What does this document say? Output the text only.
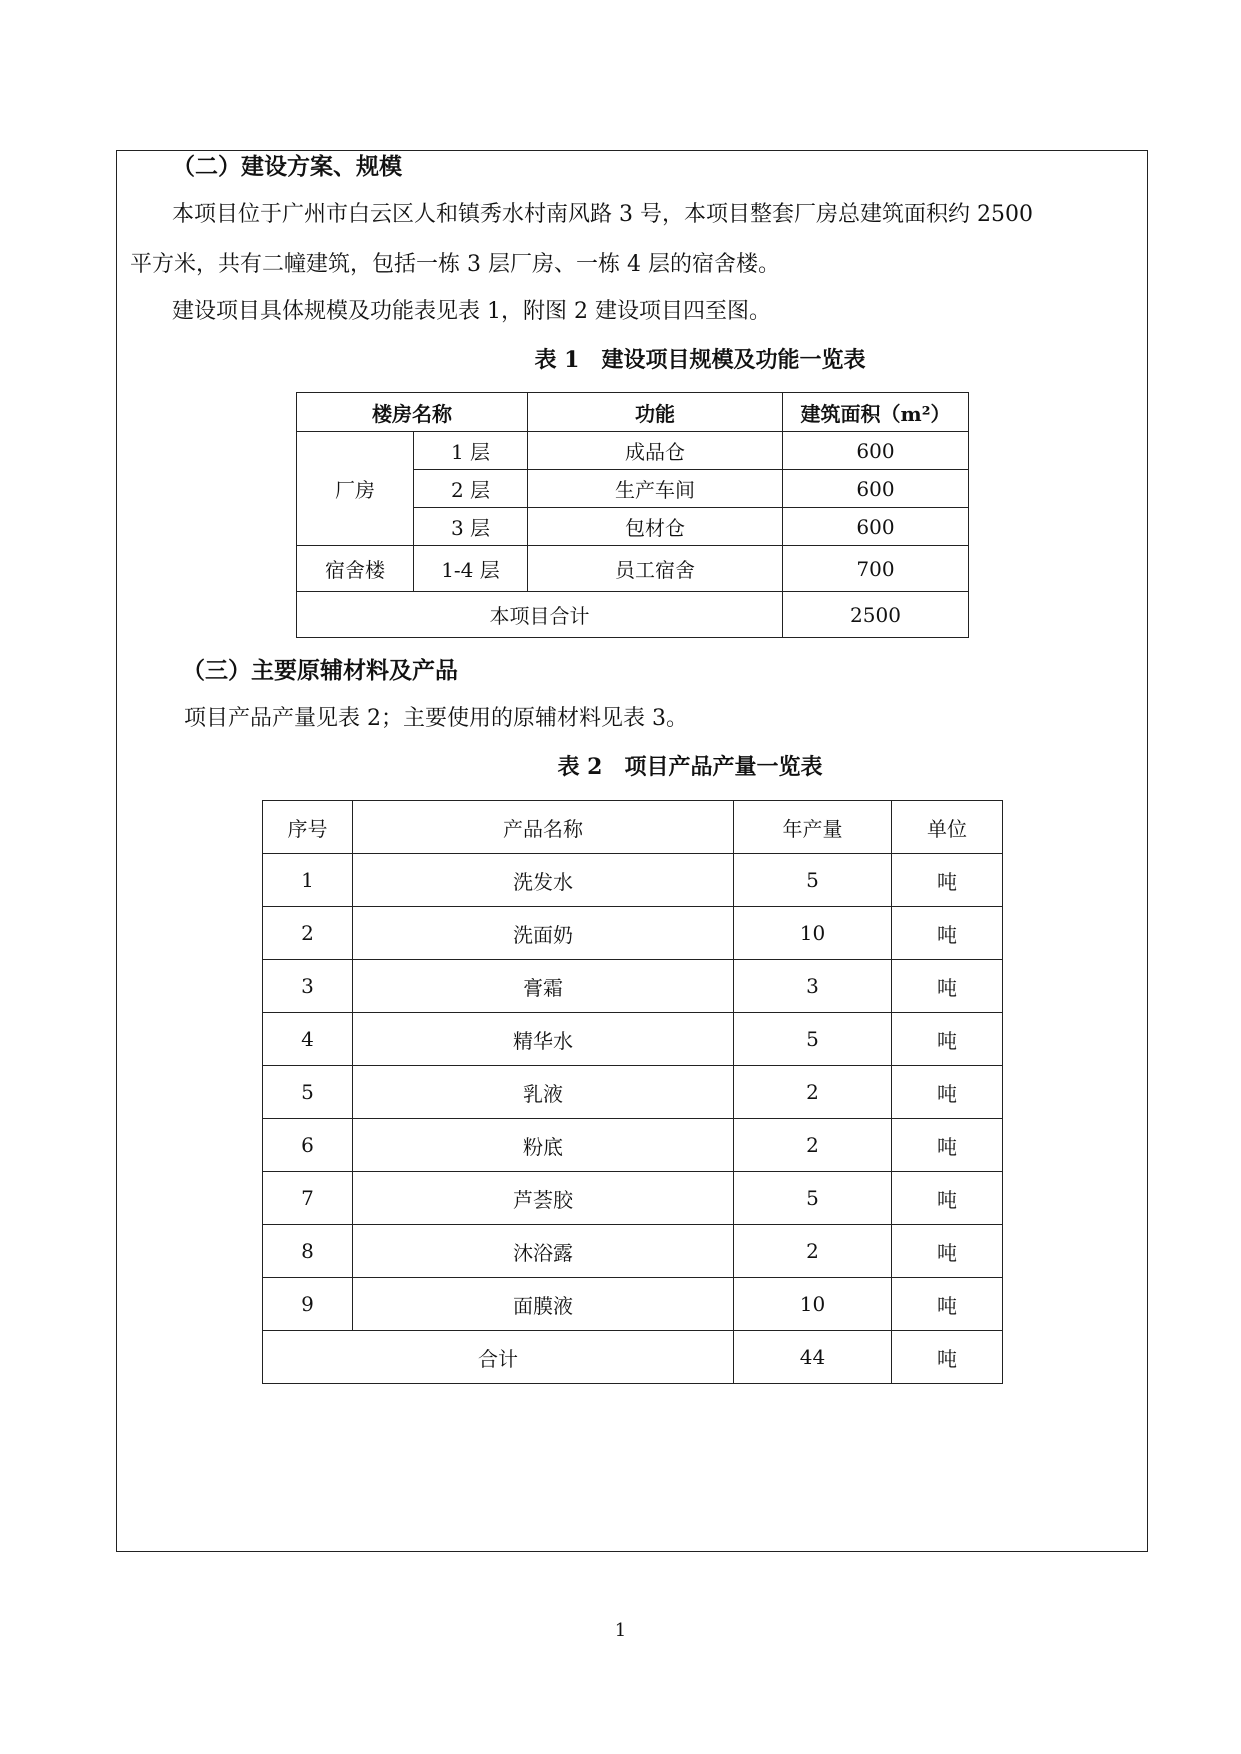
（二）建设方案、规模
本项目位于广州市白云区人和镇秀水村南风路 3 号，本项目整套厂房总建筑面积约 2500
平方米，共有二幢建筑，包括一栋 3 层厂房、一栋 4 层的宿舍楼。
建设项目具体规模及功能表见表 1，附图 2 建设项目四至图。
表 1　建设项目规模及功能一览表
楼房名称		功能	建筑面积（m²）
厂房	1 层	成品仓	600
	2 层	生产车间	600
	3 层	包材仓	600
宿舍楼	1-4 层	员工宿舍	700
本项目合计			2500
（三）主要原辅材料及产品
项目产品产量见表 2；主要使用的原辅材料见表 3。
表 2　项目产品产量一览表
序号	产品名称	年产量	单位
1	洗发水	5	吨
2	洗面奶	10	吨
3	膏霜	3	吨
4	精华水	5	吨
5	乳液	2	吨
6	粉底	2	吨
7	芦荟胶	5	吨
8	沐浴露	2	吨
9	面膜液	10	吨
合计		44	吨
1
